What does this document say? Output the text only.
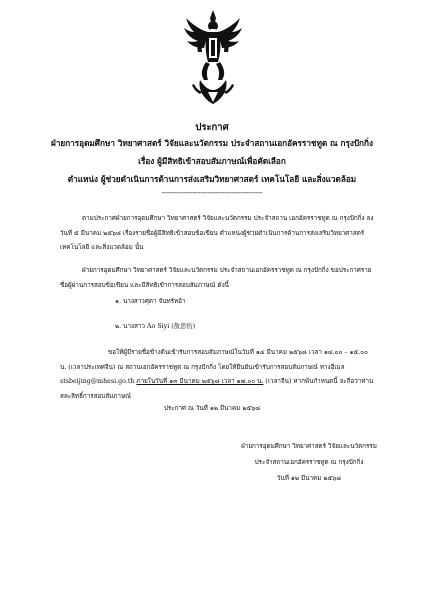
ประกาศ
ฝ่ายการอุดมศึกษา วิทยาศาสตร์ วิจัยและนวัตกรรม ประจำสถานเอกอัครราชทูต ณ กรุงปักกิ่ง
เรื่อง ผู้มีสิทธิเข้าสอบสัมภาษณ์เพื่อคัดเลือก
ตำแหน่ง ผู้ช่วยดำเนินการด้านการส่งเสริมวิทยาศาสตร์ เทคโนโลยี และสิ่งแวดล้อม
------------------------------------------
ตามประกาศฝ่ายการอุดมศึกษา วิทยาศาสตร์ วิจัยและนวัตกรรม ประจำสถาน เอกอัครราชทูต ณ กรุงปักกิ่ง ลงวันที่ ๕ มีนาคม ๒๕๖๘ เรื่องรายชื่อผู้มีสิทธิเข้าสอบข้อเขียน ตำแหน่งผู้ช่วยดำเนินการด้านการส่งเสริมวิทยาศาสตร์ เทคโนโลยี และสิ่งแวดล้อม นั้น
ฝ่ายการอุดมศึกษา วิทยาศาสตร์ วิจัยและนวัตกรรม ประจำสถานเอกอัครราชทูต ณ กรุงปักกิ่ง ขอประกาศรายชื่อผู้ผ่านการสอบข้อเขียน และมีสิทธิเข้าการสอบสัมภาษณ์ ดังนี้
๑. นางสาวศุดา จันทร์หอ้า
๒. นางสาว Ao Siyi (敖思怡)
ขอให้ผู้มีรายชื่อข้างต้นเข้ารับการสอบสัมภาษณ์ในวันที่ ๑๔ มีนาคม ๒๕๖๘ เวลา ๑๔.๐๐ – ๑๕.๐๐ น. (เวลาประเทศจีน) ณ สถานเอกอัครราชทูต ณ กรุงปักกิ่ง โดยให้ยืนยันเข้ารับการสอบสัมภาษณ์ ทางอีเมล stsbeijing@mhesi.go.th ภายในวันที่ ๑๓ มีนาคม ๒๕๖๘ เวลา ๑๗.๐๐ น. (เวลาจีน) หากพ้นกำหนดนี้ จะถือว่าท่านสละสิทธิ์การสอบสัมภาษณ์
ประกาศ ณ วันที่ ๑๒ มีนาคม ๒๕๖๘
ฝ่ายการอุดมศึกษา วิทยาศาสตร์ วิจัยและนวัตกรรม
ประจำสถานเอกอัครราชทูต ณ กรุงปักกิ่ง
วันที่ ๑๒ มีนาคม ๒๕๖๘
